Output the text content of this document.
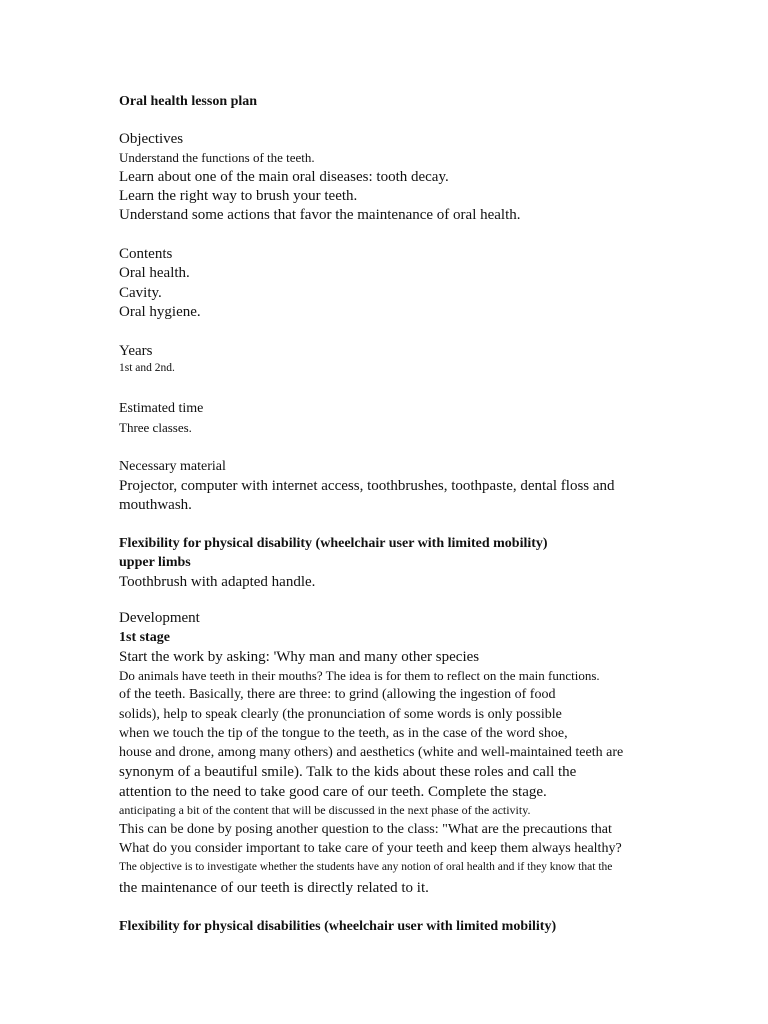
Oral health lesson plan
Objectives
Understand the functions of the teeth.
Learn about one of the main oral diseases: tooth decay.
Learn the right way to brush your teeth.
Understand some actions that favor the maintenance of oral health.
Contents
Oral health.
Cavity.
Oral hygiene.
Years
1st and 2nd.
Estimated time
Three classes.
Necessary material
Projector, computer with internet access, toothbrushes, toothpaste, dental floss and
mouthwash.
Flexibility for physical disability (wheelchair user with limited mobility)
upper limbs
Toothbrush with adapted handle.
Development
1st stage
Start the work by asking: 'Why man and many other species
Do animals have teeth in their mouths? The idea is for them to reflect on the main functions.
of the teeth. Basically, there are three: to grind (allowing the ingestion of food
solids), help to speak clearly (the pronunciation of some words is only possible
when we touch the tip of the tongue to the teeth, as in the case of the word shoe,
house and drone, among many others) and aesthetics (white and well-maintained teeth are
synonym of a beautiful smile). Talk to the kids about these roles and call the
attention to the need to take good care of our teeth. Complete the stage.
anticipating a bit of the content that will be discussed in the next phase of the activity.
This can be done by posing another question to the class: "What are the precautions that
What do you consider important to take care of your teeth and keep them always healthy?
The objective is to investigate whether the students have any notion of oral health and if they know that the
the maintenance of our teeth is directly related to it.
Flexibility for physical disabilities (wheelchair user with limited mobility)
